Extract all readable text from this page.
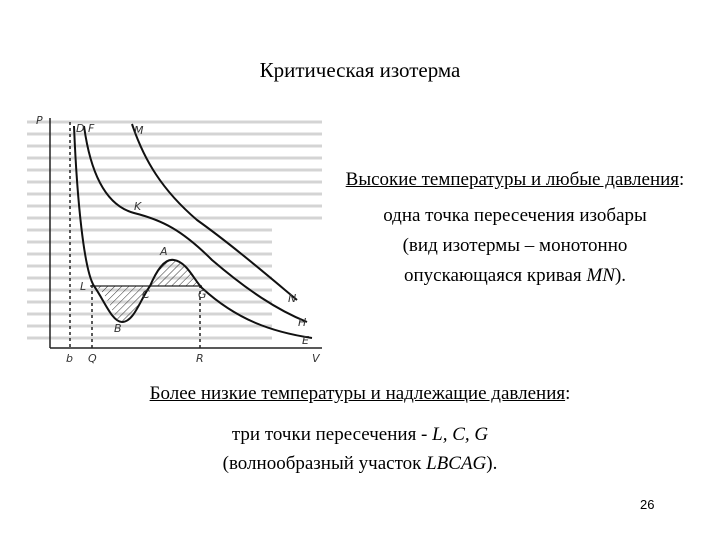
Критическая изотерма
P
V
b Q	R
D F	M
K
A
L
C	G
B
N
H
E
Высокие температуры и любые давления:
одна точка пересечения изобары
(вид изотермы – монотонно
опускающаяся кривая MN).
Более низкие температуры и надлежащие давления:
три точки пересечения - L, C, G
(волнообразный участок LBCAG).
26
